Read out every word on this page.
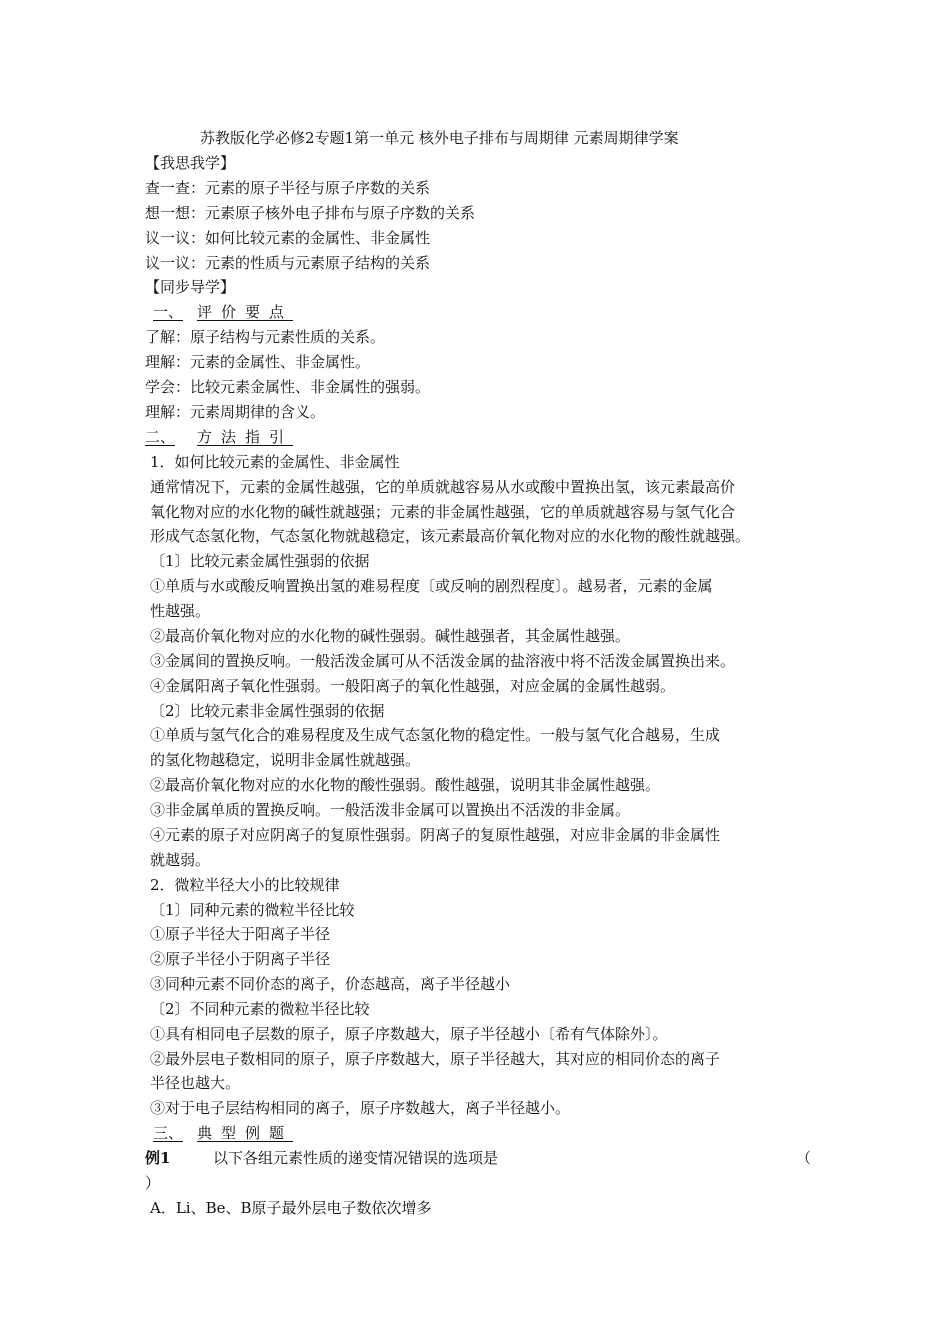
苏教版化学必修2专题1第一单元 核外电子排布与周期律 元素周期律学案
【我思我学】
查一查：元素的原子半径与原子序数的关系
想一想：元素原子核外电子排布与原子序数的关系
议一议：如何比较元素的金属性、非金属性
议一议：元素的性质与元素原子结构的关系
【同步导学】
一、 评价要点
了解：原子结构与元素性质的关系。
理解：元素的金属性、非金属性。
学会：比较元素金属性、非金属性的强弱。
理解：元素周期律的含义。
二、 方法指引
1．如何比较元素的金属性、非金属性
通常情况下，元素的金属性越强，它的单质就越容易从水或酸中置换出氢，该元素最高价
氧化物对应的水化物的碱性就越强；元素的非金属性越强，它的单质就越容易与氢气化合
形成气态氢化物，气态氢化物就越稳定，该元素最高价氧化物对应的水化物的酸性就越强。
〔1〕比较元素金属性强弱的依据
①单质与水或酸反响置换出氢的难易程度〔或反响的剧烈程度〕。越易者，元素的金属
性越强。
②最高价氧化物对应的水化物的碱性强弱。碱性越强者，其金属性越强。
③金属间的置换反响。一般活泼金属可从不活泼金属的盐溶液中将不活泼金属置换出来。
④金属阳离子氧化性强弱。一般阳离子的氧化性越强，对应金属的金属性越弱。
〔2〕比较元素非金属性强弱的依据
①单质与氢气化合的难易程度及生成气态氢化物的稳定性。一般与氢气化合越易，生成
的氢化物越稳定，说明非金属性就越强。
②最高价氧化物对应的水化物的酸性强弱。酸性越强，说明其非金属性越强。
③非金属单质的置换反响。一般活泼非金属可以置换出不活泼的非金属。
④元素的原子对应阴离子的复原性强弱。阴离子的复原性越强，对应非金属的非金属性
就越弱。
2．微粒半径大小的比较规律
〔1〕同种元素的微粒半径比较
①原子半径大于阳离子半径
②原子半径小于阴离子半径
③同种元素不同价态的离子，价态越高，离子半径越小
〔2〕不同种元素的微粒半径比较
①具有相同电子层数的原子，原子序数越大，原子半径越小〔希有气体除外〕。
②最外层电子数相同的原子，原子序数越大，原子半径越大，其对应的相同价态的离子
半径也越大。
③对于电子层结构相同的离子，原子序数越大，离子半径越小。
三、 典型例题
例1	以下各组元素性质的递变情况错误的选项是	（
）
A．Li、Be、B原子最外层电子数依次增多
